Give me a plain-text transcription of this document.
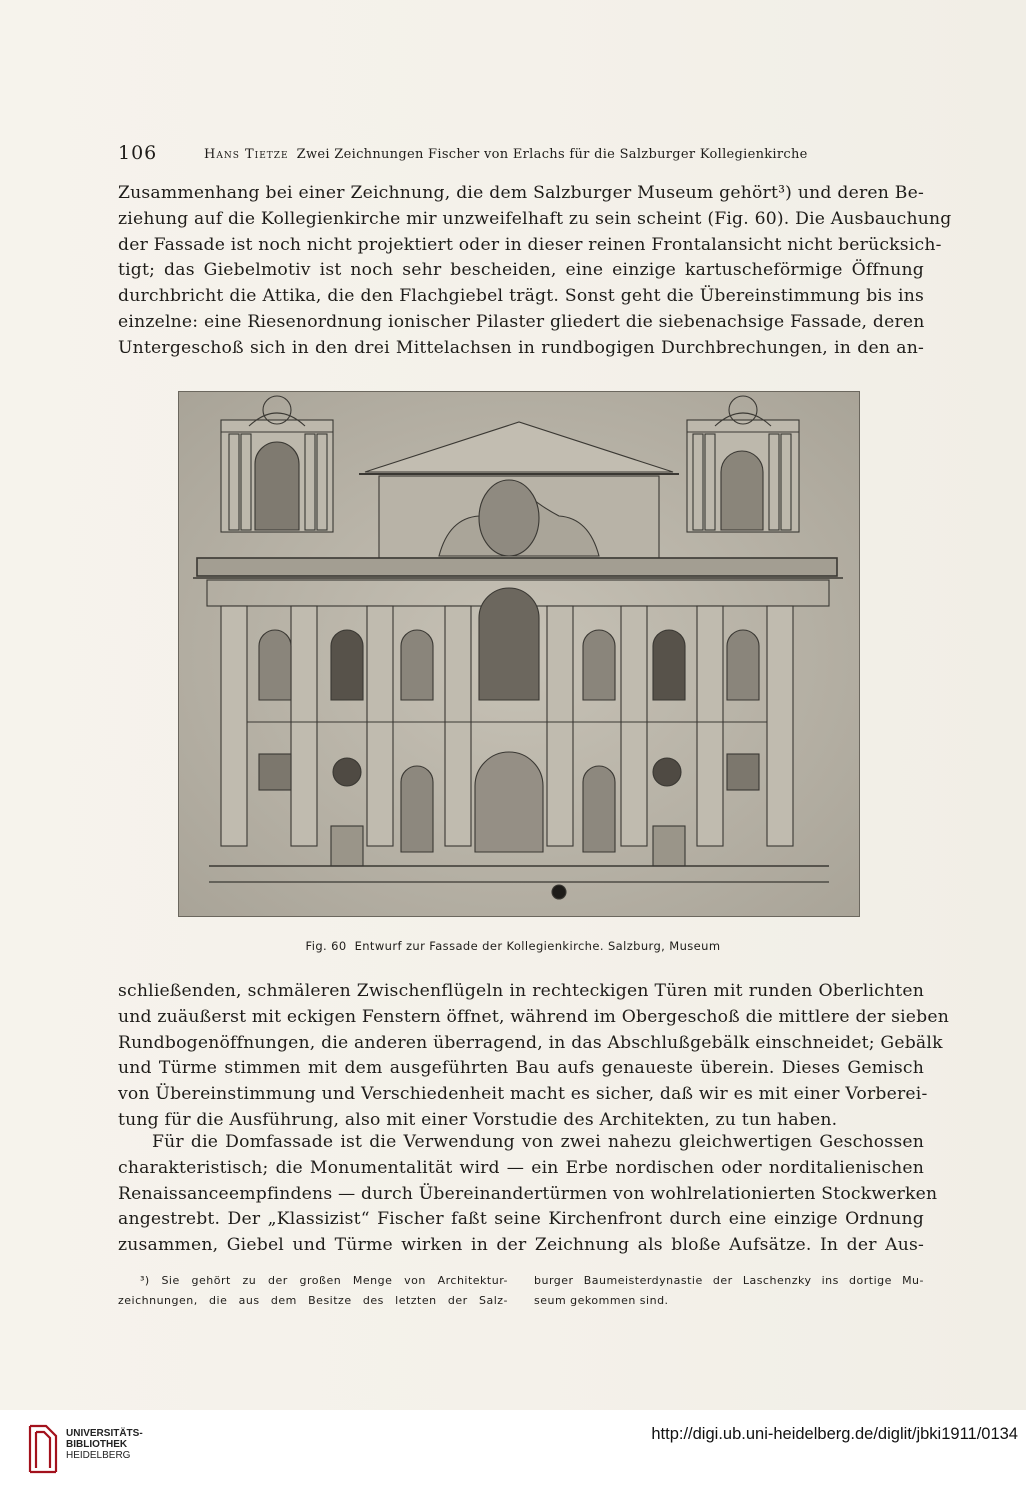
106	Hans Tietze Zwei Zeichnungen Fischer von Erlachs für die Salzburger Kollegienkirche
Zusammenhang bei einer Zeichnung, die dem Salzburger Museum gehört³) und deren Be-
ziehung auf die Kollegienkirche mir unzweifelhaft zu sein scheint (Fig. 60). Die Ausbauchung
der Fassade ist noch nicht projektiert oder in dieser reinen Frontalansicht nicht berücksich-
tigt; das Giebelmotiv ist noch sehr bescheiden, eine einzige kartuscheförmige Öffnung
durchbricht die Attika, die den Flachgiebel trägt. Sonst geht die Übereinstimmung bis ins
einzelne: eine Riesenordnung ionischer Pilaster gliedert die siebenachsige Fassade, deren
Untergeschoß sich in den drei Mittelachsen in rundbogigen Durchbrechungen, in den an-
Fig. 60 Entwurf zur Fassade der Kollegienkirche. Salzburg, Museum
schließenden, schmäleren Zwischenflügeln in rechteckigen Türen mit runden Oberlichten
und zuäußerst mit eckigen Fenstern öffnet, während im Obergeschoß die mittlere der sieben
Rundbogenöffnungen, die anderen überragend, in das Abschlußgebälk einschneidet; Gebälk
und Türme stimmen mit dem ausgeführten Bau aufs genaueste überein. Dieses Gemisch
von Übereinstimmung und Verschiedenheit macht es sicher, daß wir es mit einer Vorberei-
tung für die Ausführung, also mit einer Vorstudie des Architekten, zu tun haben.
Für die Domfassade ist die Verwendung von zwei nahezu gleichwertigen Geschossen
charakteristisch; die Monumentalität wird — ein Erbe nordischen oder norditalienischen
Renaissanceempfindens — durch Übereinandertürmen von wohlrelationierten Stockwerken
angestrebt. Der „Klassizist“ Fischer faßt seine Kirchenfront durch eine einzige Ordnung
zusammen, Giebel und Türme wirken in der Zeichnung als bloße Aufsätze. In der Aus-
³) Sie gehört zu der großen Menge von Architektur-
zeichnungen, die aus dem Besitze des letzten der Salz-
burger Baumeisterdynastie der Laschenzky ins dortige Mu-
seum gekommen sind.
UNIVERSITÄTS-
BIBLIOTHEK
HEIDELBERG
http://digi.ub.uni-heidelberg.de/diglit/jbki1911/0134
